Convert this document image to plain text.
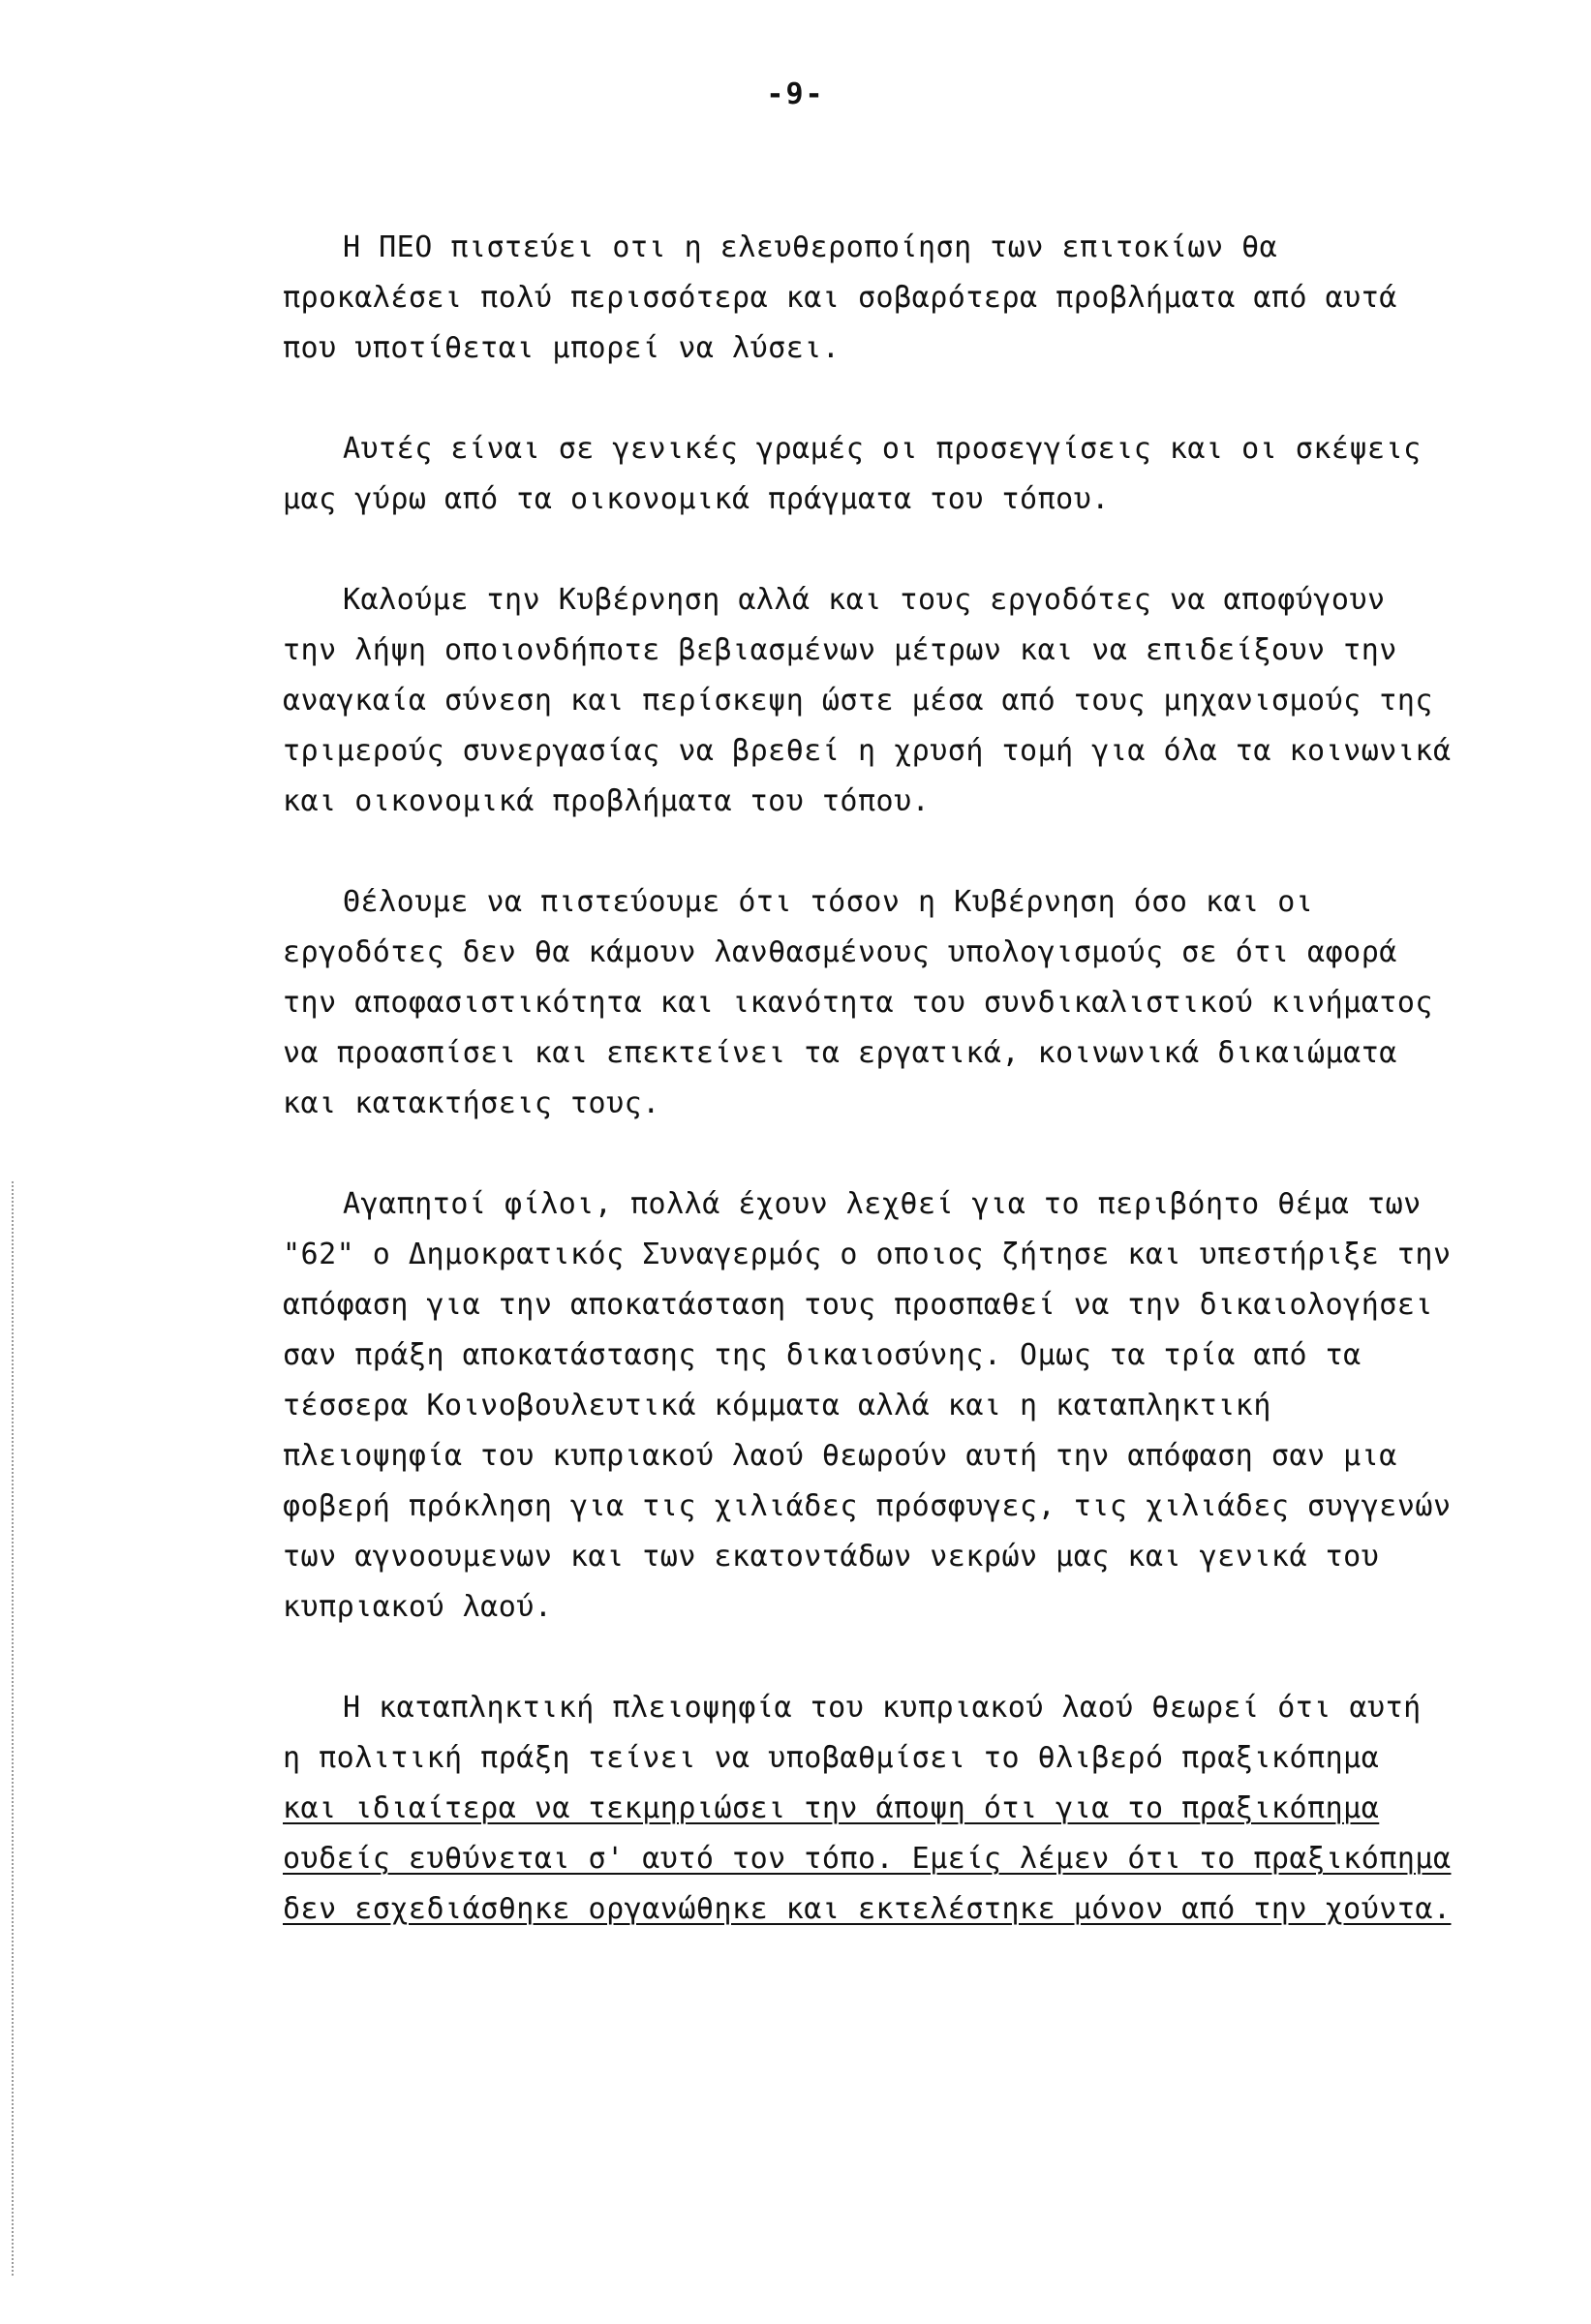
-9-

Η ΠΕΟ πιστεύει οτι η ελευθεροποίηση των επιτοκίων θα
προκαλέσει πολύ περισσότερα και σοβαρότερα προβλήματα από αυτά
που υποτίθεται μπορεί να λύσει.

Αυτές είναι σε γενικές γραμές οι προσεγγίσεις και οι σκέψεις
μας γύρω από τα οικονομικά πράγματα του τόπου.

Καλούμε την Κυβέρνηση αλλά και τους εργοδότες να αποφύγουν
την λήψη οποιονδήποτε βεβιασμένων μέτρων και να επιδείξουν την
αναγκαία σύνεση και περίσκεψη ώστε μέσα από τους μηχανισμούς της
τριμερούς συνεργασίας να βρεθεί η χρυσή τομή για όλα τα κοινωνικά
και οικονομικά προβλήματα του τόπου.

Θέλουμε να πιστεύουμε ότι τόσον η Κυβέρνηση όσο και οι
εργοδότες δεν θα κάμουν λανθασμένους υπολογισμούς σε ότι αφορά
την αποφασιστικότητα και ικανότητα του συνδικαλιστικού κινήματος
να προασπίσει και επεκτείνει τα εργατικά, κοινωνικά δικαιώματα
και κατακτήσεις τους.

Αγαπητοί φίλοι, πολλά έχουν λεχθεί για το περιβόητο θέμα των
"62" ο Δημοκρατικός Συναγερμός ο οποιος ζήτησε και υπεστήριξε την
απόφαση για την αποκατάσταση τους προσπαθεί να την δικαιολογήσει
σαν πράξη αποκατάστασης της δικαιοσύνης. Ομως τα τρία από τα
τέσσερα Κοινοβουλευτικά κόμματα αλλά και η καταπληκτική
πλειοψηφία του κυπριακού λαού θεωρούν αυτή την απόφαση σαν μια
φοβερή πρόκληση για τις χιλιάδες πρόσφυγες, τις χιλιάδες συγγενών
των αγνοουμενων και των εκατοντάδων νεκρών μας και γενικά του
κυπριακού λαού.

Η καταπληκτική πλειοψηφία του κυπριακού λαού θεωρεί ότι αυτή
η πολιτική πράξη τείνει να υποβαθμίσει το θλιβερό πραξικόπημα
και ιδιαίτερα να τεκμηριώσει την άποψη ότι για το πραξικόπημα
ουδείς ευθύνεται σ' αυτό τον τόπο. Εμείς λέμεν ότι το πραξικόπημα
δεν εσχεδιάσθηκε οργανώθηκε και εκτελέστηκε μόνον από την χούντα.
